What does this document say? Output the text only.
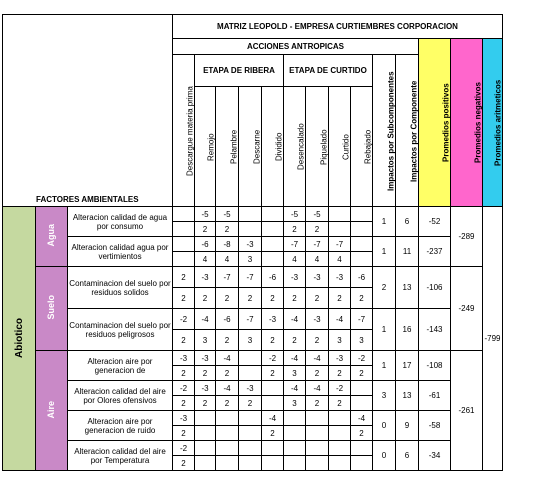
FACTORES AMBIENTALES			MATRIZ LEOPOLD - EMPRESA CURTIEMBRES CORPORACION													
			ACCIONES ANTROPICAS											Promedios positivos	Promedios negativos	Promedios aritmeticos
			Descargue materia prima	ETAPA DE RIBERA				ETAPA DE CURTIDO				Impactos por Subcomponentes	Impactos por Componente			
				Remojo	Pelambre	Descarne	Dividido	Desencalado	Piquelado	Curtido	Rebajado					

Abiotico	Agua	Alteracion calidad de agua por consumo		-5	-5			-5	-5			1	6	-52	-289	-799
				2	2			2	2							
		Alteracion calidad agua por vertimientos		-6	-8	-3		-7	-7	-7		1	11	-237		
				4	4	3		4	4	4						
	Suelo	Contaminacion del suelo por residuos solidos	2	-3	-7	-7	-6	-3	-3	-3	-6	2	13	-106	-249	
			2	2	2	2	2	2	2	2	2					
		Contaminacion del suelo por residuos peligrosos	-2	-4	-6	-7	-3	-4	-3	-4	-7	1	16	-143		
			2	3	2	3	2	2	2	3	3					
	Aire	Alteracion aire por generacion de	-3	-3	-4		-2	-4	-4	-3	-2	1	17	-108	-261	
			2	2	2		2	3	2	2	2					
		Alteracion calidad del aire por Olores ofensivos	-2	-3	-4	-3		-4	-4	-2		3	13	-61		
			2	2	2	2		3	2	2						
		Alteracion aire por generacion de ruido	-3				-4				-4	0	9	-58		
			2				2				2					
		Alteracion calidad del aire por Temperatura	-2									0	6	-34		
			2													
